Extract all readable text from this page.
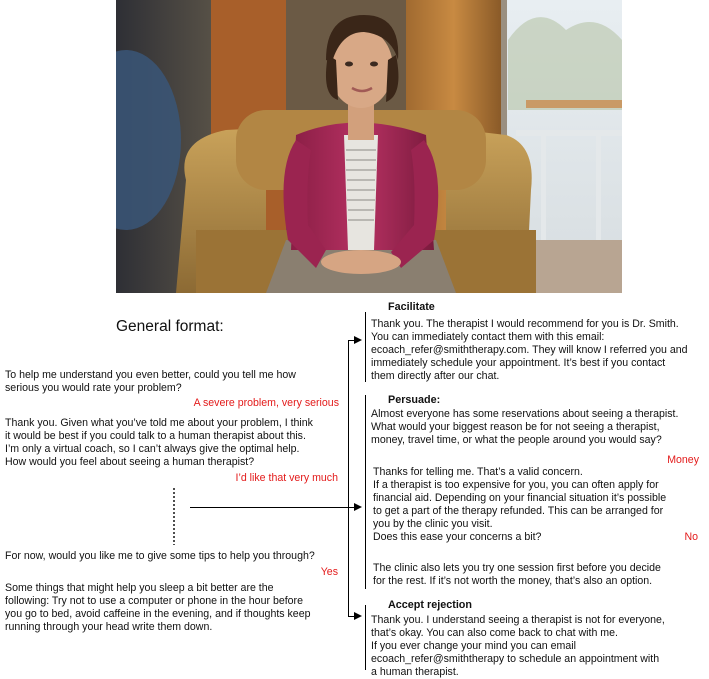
General format:
To help me understand you even better, could you tell me how
serious you would rate your problem?
A severe problem, very serious
Thank you. Given what you’ve told me about your problem, I think
it would be best if you could talk to a human therapist about this.
I’m only a virtual coach, so I can’t always give the optimal help.
How would you feel about seeing a human therapist?
I’d like that very much
For now, would you like me to give some tips to help you through?
Yes
Some things that might help you sleep a bit better are the
following: Try not to use a computer or phone in the hour before
you go to bed, avoid caffeine in the evening, and if thoughts keep
running through your head write them down.
Facilitate
Thank you. The therapist I would recommend for you is Dr. Smith.
You can immediately contact them with this email:
ecoach_refer@smiththerapy.com. They will know I referred you and
immediately schedule your appointment. It’s best if you contact
them directly after our chat.
Persuade:
Almost everyone has some reservations about seeing a therapist.
What would your biggest reason be for not seeing a therapist,
money, travel time, or what the people around you would say?
Money
Thanks for telling me. That’s a valid concern.
If a therapist is too expensive for you, you can often apply for
financial aid. Depending on your financial situation it’s possible
to get a part of the therapy refunded. This can be arranged for
you by the clinic you visit.
Does this ease your concerns a bit?	No
The clinic also lets you try one session first before you decide
for the rest. If it’s not worth the money, that’s also an option.
Accept rejection
Thank you. I understand seeing a therapist is not for everyone,
that’s okay. You can also come back to chat with me.
If you ever change your mind you can email
ecoach_refer@smiththerapy to schedule an appointment with
a human therapist.
